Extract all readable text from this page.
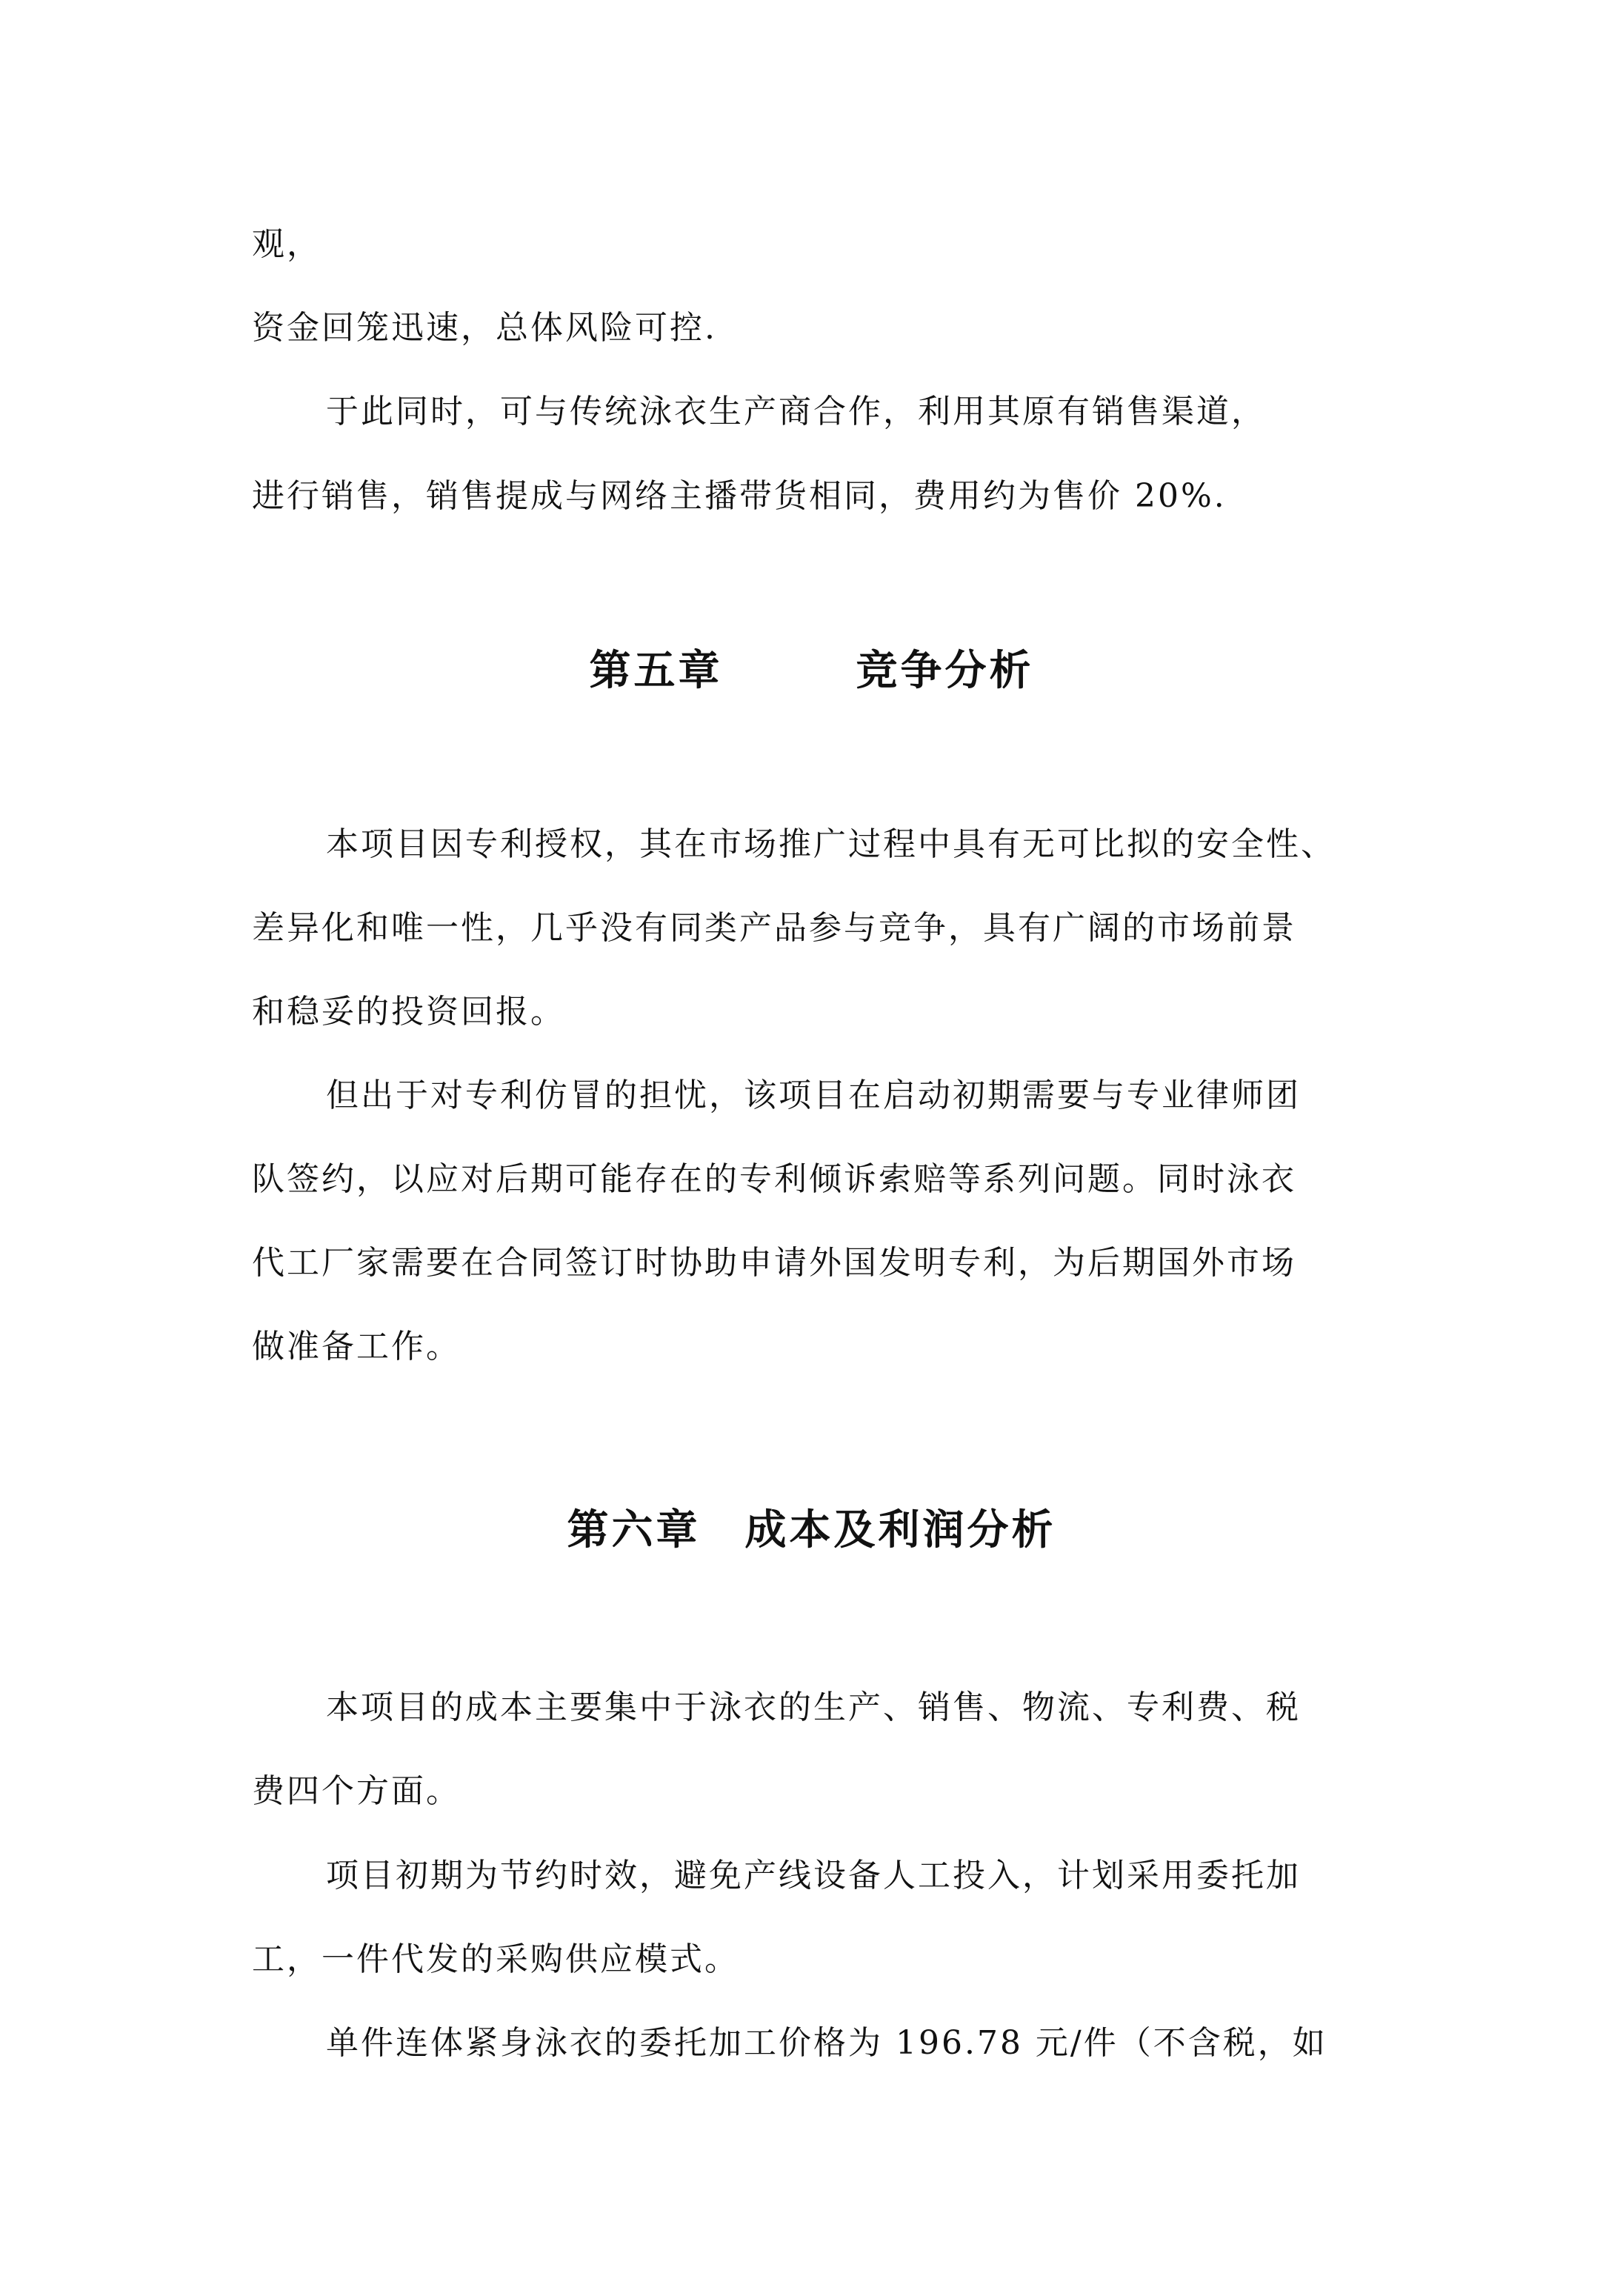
观，
资金回笼迅速，总体风险可控.
于此同时，可与传统泳衣生产商合作，利用其原有销售渠道，
进行销售，销售提成与网络主播带货相同，费用约为售价 20%.
第五章　　　竞争分析
本项目因专利授权，其在市场推广过程中具有无可比拟的安全性、
差异化和唯一性，几乎没有同类产品参与竞争，具有广阔的市场前景
和稳妥的投资回报。
但出于对专利仿冒的担忧，该项目在启动初期需要与专业律师团
队签约，以应对后期可能存在的专利倾诉索赔等系列问题。同时泳衣
代工厂家需要在合同签订时协助申请外国发明专利，为后期国外市场
做准备工作。
第六章　成本及利润分析
本项目的成本主要集中于泳衣的生产、销售、物流、专利费、税
费四个方面。
项目初期为节约时效，避免产线设备人工投入，计划采用委托加
工，一件代发的采购供应模式。
单件连体紧身泳衣的委托加工价格为 196.78 元/件（不含税，如
